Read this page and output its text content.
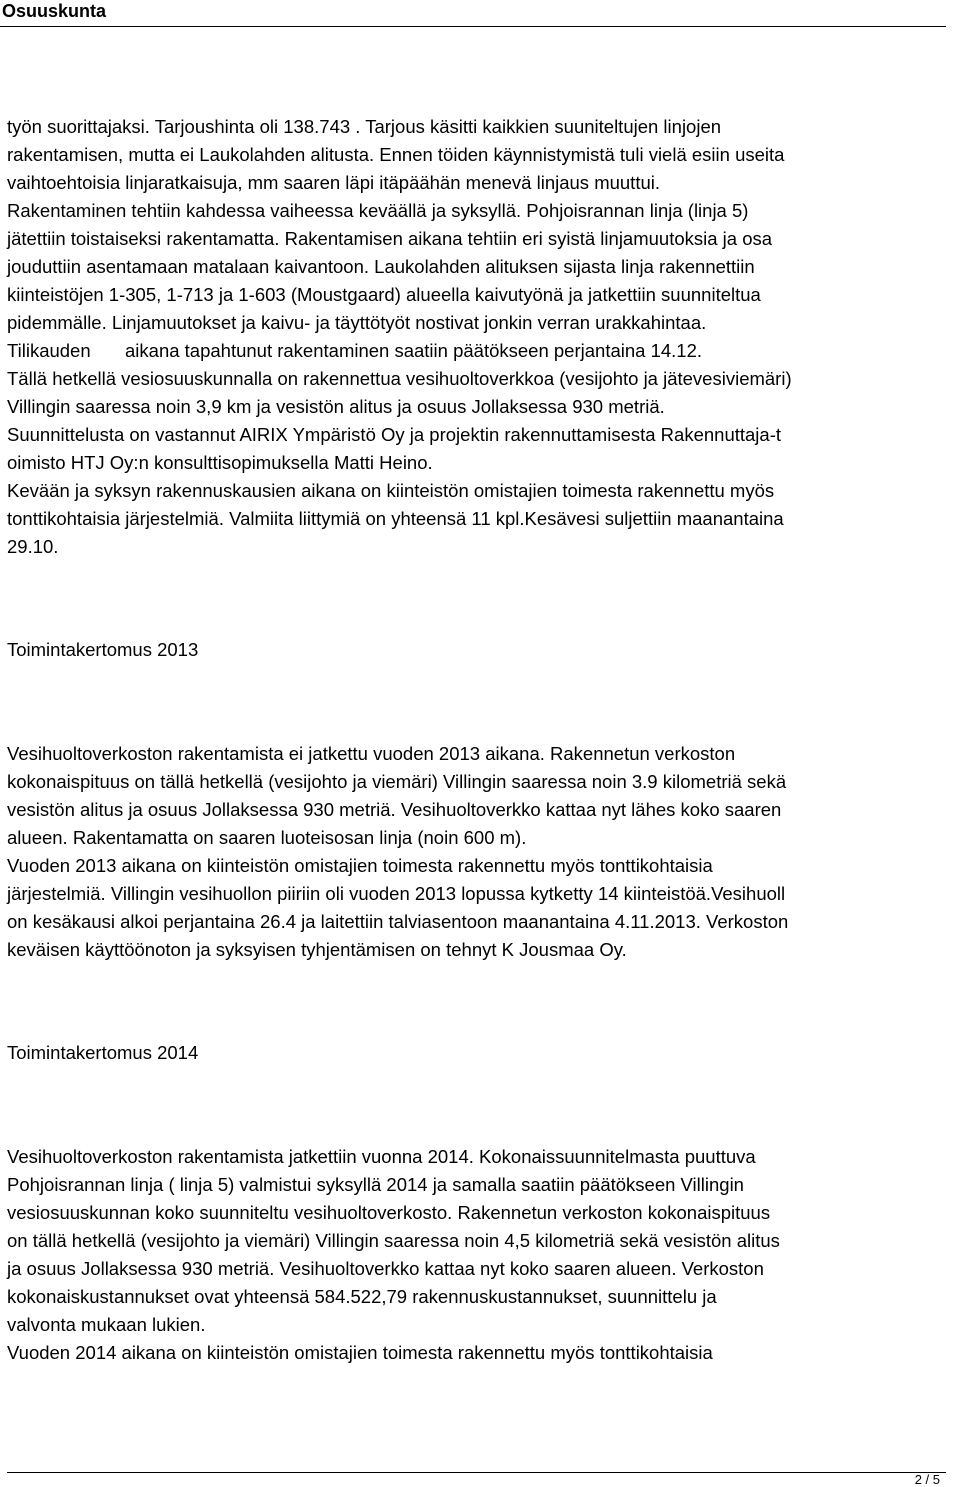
Osuuskunta
työn suorittajaksi. Tarjoushinta oli 138.743 . Tarjous käsitti kaikkien suuniteltujen linjojen
rakentamisen, mutta ei Laukolahden alitusta. Ennen töiden käynnistymistä tuli vielä esiin useita
vaihtoehtoisia linjaratkaisuja, mm saaren läpi itäpäähän menevä linjaus muuttui.
Rakentaminen tehtiin kahdessa vaiheessa keväällä ja syksyllä. Pohjoisrannan linja (linja 5)
jätettiin toistaiseksi rakentamatta. Rakentamisen aikana tehtiin eri syistä linjamuutoksia ja osa
jouduttiin asentamaan matalaan kaivantoon. Laukolahden alituksen sijasta linja rakennettiin
kiinteistöjen 1-305, 1-713 ja 1-603 (Moustgaard) alueella kaivutyönä ja jatkettiin suunniteltua
pidemmälle. Linjamuutokset ja kaivu- ja täyttötyöt nostivat jonkin verran urakkahintaa.
Tilikauden aikana tapahtunut rakentaminen saatiin päätökseen perjantaina 14.12.
Tällä hetkellä vesiosuuskunnalla on rakennettua vesihuoltoverkkoa (vesijohto ja jätevesiviemäri)
Villingin saaressa noin 3,9 km ja vesistön alitus ja osuus Jollaksessa 930 metriä.
Suunnittelusta on vastannut AIRIX Ympäristö Oy ja projektin rakennuttamisesta Rakennuttaja-t
oimisto HTJ Oy:n konsulttisopimuksella Matti Heino.
Kevään ja syksyn rakennuskausien aikana on kiinteistön omistajien toimesta rakennettu myös
tonttikohtaisia järjestelmiä. Valmiita liittymiä on yhteensä 11 kpl.Kesävesi suljettiin maanantaina
29.10.
Toimintakertomus 2013
Vesihuoltoverkoston rakentamista ei jatkettu vuoden 2013 aikana. Rakennetun verkoston
kokonaispituus on tällä hetkellä (vesijohto ja viemäri) Villingin saaressa noin 3.9 kilometriä sekä
vesistön alitus ja osuus Jollaksessa 930 metriä. Vesihuoltoverkko kattaa nyt lähes koko saaren
alueen. Rakentamatta on saaren luoteisosan linja (noin 600 m).
Vuoden 2013 aikana on kiinteistön omistajien toimesta rakennettu myös tonttikohtaisia
järjestelmiä. Villingin vesihuollon piiriin oli vuoden 2013 lopussa kytketty 14 kiinteistöä.Vesihuoll
on kesäkausi alkoi perjantaina 26.4 ja laitettiin talviasentoon maanantaina 4.11.2013. Verkoston
keväisen käyttöönoton ja syksyisen tyhjentämisen on tehnyt K Jousmaa Oy.
Toimintakertomus 2014
Vesihuoltoverkoston rakentamista jatkettiin vuonna 2014. Kokonaissuunnitelmasta puuttuva
Pohjoisrannan linja ( linja 5) valmistui syksyllä 2014 ja samalla saatiin päätökseen Villingin
vesiosuuskunnan koko suunniteltu vesihuoltoverkosto. Rakennetun verkoston kokonaispituus
on tällä hetkellä (vesijohto ja viemäri) Villingin saaressa noin 4,5 kilometriä sekä vesistön alitus
ja osuus Jollaksessa 930 metriä. Vesihuoltoverkko kattaa nyt koko saaren alueen. Verkoston
kokonaiskustannukset ovat yhteensä 584.522,79 rakennuskustannukset, suunnittelu ja
valvonta mukaan lukien.
Vuoden 2014 aikana on kiinteistön omistajien toimesta rakennettu myös tonttikohtaisia
2 / 5
